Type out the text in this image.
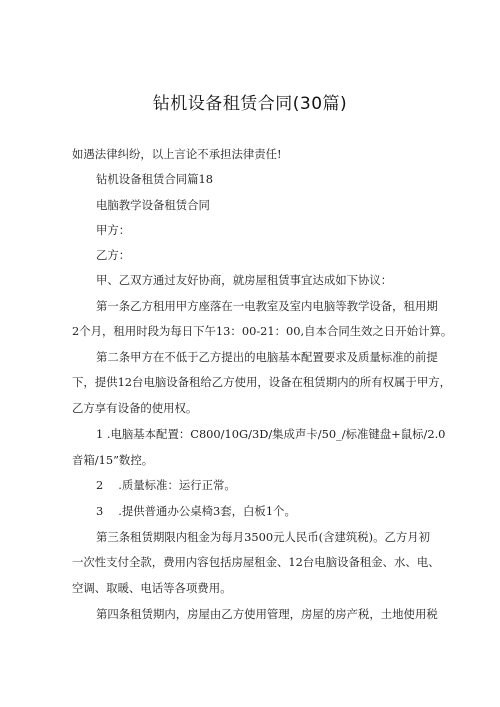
钻机设备租赁合同(30篇)
如遇法律纠纷，以上言论不承担法律责任!
钻机设备租赁合同篇18
电脑教学设备租赁合同
甲方：
乙方：
甲、乙双方通过友好协商，就房屋租赁事宜达成如下协议：
第一条乙方租用甲方座落在一电教室及室内电脑等教学设备，租用期
2个月，租用时段为每日下午13：00-21：00,自本合同生效之日开始计算。
第二条甲方在不低于乙方提出的电脑基本配置要求及质量标准的前提
下，提供12台电脑设备租给乙方使用，设备在租赁期内的所有权属于甲方，
乙方享有设备的使用权。
1 .电脑基本配置：C800/10G/3D/集成声卡/50_/标准键盘+鼠标/2.0
音箱/15”数控。
2　 .质量标准：运行正常。
3　 .提供普通办公桌椅3套，白板1个。
第三条租赁期限内租金为每月3500元人民币(含建筑税)。乙方月初
一次性支付全款，费用内容包括房屋租金、12台电脑设备租金、水、电、
空调、取暖、电话等各项费用。
第四条租赁期内，房屋由乙方使用管理，房屋的房产税，土地使用税
